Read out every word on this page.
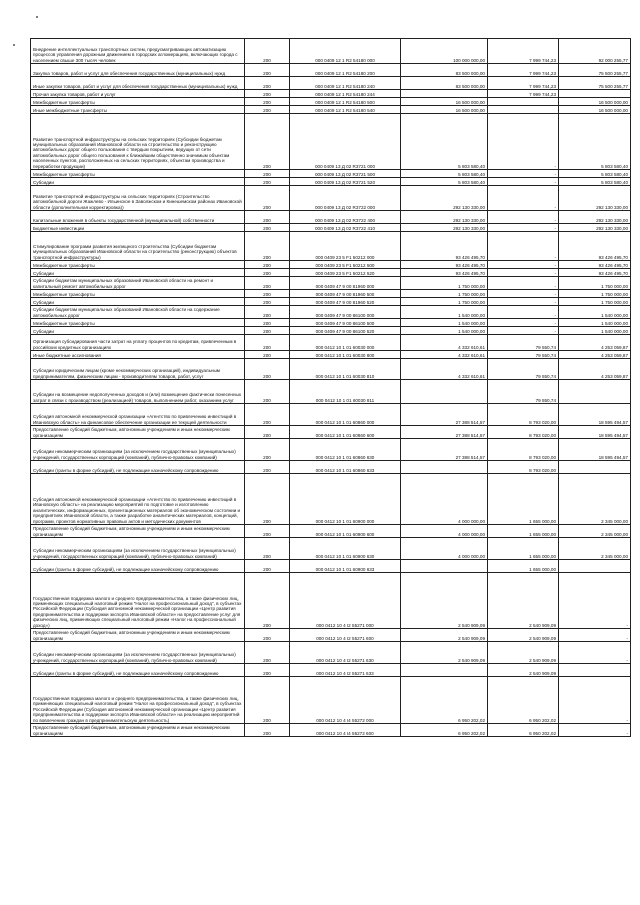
Внедрение интеллектуальных транспортных систем, предусматривающих автоматизацию процессов управления дорожным движением в городских агломерациях, включающих города с населением свыше 300 тысяч человек	200	000 0409 12 1 R2 54180 000	100 000 000,00	7 999 744,23	92 000 255,77
Закупка товаров, работ и услуг для обеспечения государственных (муниципальных) нужд	200	000 0409 12 1 R2 54180 200	83 500 000,00	7 999 744,23	75 500 255,77
Иные закупки товаров, работ и услуг для обеспечения государственных (муниципальных) нужд	200	000 0409 12 1 R2 54180 240	83 500 000,00	7 999 744,23	75 500 255,77
Прочая закупка товаров, работ и услуг	200	000 0409 12 1 R2 54180 244		7 999 744,23	
Межбюджетные трансферты	200	000 0409 12 1 R2 54180 500	16 500 000,00		16 500 000,00
Иные межбюджетные трансферты	200	000 0409 12 1 R2 54180 540	16 500 000,00		16 500 000,00
Развитие транспортной инфраструктуры на сельских территориях (Субсидии бюджетам муниципальных образований Ивановской области на строительство и реконструкцию автомобильных дорог общего пользования с твердым покрытием, ведущих от сети автомобильных дорог общего пользования к ближайшим общественно значимым объектам населенных пунктов, расположенных на сельских территориях, объектам производства и переработки продукции)	200	000 0409 13 Д 02 R3721 000	5 803 580,40	-	5 803 580,40
Межбюджетные трансферты	200	000 0409 13 Д 02 R3721 500	5 803 580,40	-	5 803 580,40
Субсидии	200	000 0409 13 Д 02 R3721 520	5 803 580,40	-	5 803 580,40
Развитие транспортной инфраструктуры на сельских территориях (Строительство автомобильной дороги Жажлево - Ильинское в Заволжском и Кинешемском районах Ивановской области (дополнительная корректировка))	200	000 0409 13 Д 02 R3722 000	292 130 330,00	-	292 130 330,00
Капитальные вложения в объекты государственной (муниципальной) собственности	200	000 0409 13 Д 02 R3722 400	292 130 330,00	-	292 130 330,00
Бюджетные инвестиции	200	000 0409 13 Д 02 R3722 410	292 130 330,00	-	292 130 330,00
Стимулирование программ развития жилищного строительства (Субсидии бюджетам муниципальных образований Ивановской области на строительство (реконструкцию) объектов транспортной инфраструктуры)	200	000 0409 23 5 F1 50212 000	93 426 495,70	-	93 426 495,70
Межбюджетные трансферты	200	000 0409 23 5 F1 50212 500	93 426 495,70	-	93 426 495,70
Субсидии	200	000 0409 23 5 F1 50212 520	93 426 495,70	-	93 426 495,70
Субсидии бюджетам муниципальных образований Ивановской области на ремонт и капитальный ремонт автомобильных дорог	200	000 0409 47 9 00 81960 000	1 750 000,00	-	1 750 000,00
Межбюджетные трансферты	200	000 0409 47 9 00 81960 500	1 750 000,00	-	1 750 000,00
Субсидии	200	000 0409 47 9 00 81960 520	1 750 000,00	-	1 750 000,00
Субсидии бюджетам муниципальных образований Ивановской области на содержание автомобильных дорог	200	000 0409 47 9 00 86100 000	1 540 000,00	-	1 540 000,00
Межбюджетные трансферты	200	000 0409 47 9 00 86100 500	1 540 000,00	-	1 540 000,00
Субсидии	200	000 0409 47 9 00 86100 520	1 540 000,00	-	1 540 000,00
Организация субсидирования части затрат на уплату процентов по кредитам, привлеченным в российских кредитных организациях	200	000 0412 10 1 01 60030 000	4 332 610,61	79 550,74	4 253 059,87
Иные бюджетные ассигнования	200	000 0412 10 1 01 60030 800	4 332 610,61	79 550,74	4 253 059,87
Субсидии юридическим лицам (кроме некоммерческих организаций), индивидуальным предпринимателям, физическим лицам - производителям товаров, работ, услуг	200	000 0412 10 1 01 60030 810	4 332 610,61	79 550,74	4 253 059,87
Субсидии на возмещение недополученных доходов и (или) возмещение фактически понесенных затрат в связи с производством (реализацией) товаров, выполнением работ, оказанием услуг	200	000 0412 10 1 01 60030 811		79 550,74	
Субсидия автономной некоммерческой организации «Агентство по привлечению инвестиций в Ивановскую область» на финансовое обеспечение организации ее текущей деятельности	200	000 0412 10 1 01 60860 000	27 388 514,57	8 793 020,00	18 595 494,57
Предоставление субсидий бюджетным, автономным учреждениям и иным некоммерческим организациям	200	000 0412 10 1 01 60860 600	27 388 514,57	8 793 020,00	18 595 494,57
Субсидии некоммерческим организациям (за исключением государственных (муниципальных) учреждений, государственных корпораций (компаний), публично-правовых компаний)	200	000 0412 10 1 01 60860 630	27 388 514,57	8 793 020,00	18 595 494,57
Субсидии (гранты в форме субсидий), не подлежащие казначейскому сопровождению	200	000 0412 10 1 01 60860 633		8 793 020,00	
Субсидия автономной некоммерческой организации «Агентство по привлечению инвестиций в Ивановскую область» на реализацию мероприятий по подготовке и изготовлению аналитических, информационных, презентационных материалов об экономическом состоянии и предприятиях Ивановской области, а также разработке аналитических материалов, концепций, программ, проектов нормативных правовых актов и методических документов	200	000 0412 10 1 01 60900 000	4 000 000,00	1 655 000,00	2 345 000,00
Предоставление субсидий бюджетным, автономным учреждениям и иным некоммерческим организациям	200	000 0412 10 1 01 60900 600	4 000 000,00	1 655 000,00	2 345 000,00
Субсидии некоммерческим организациям (за исключением государственных (муниципальных) учреждений, государственных корпораций (компаний), публично-правовых компаний)	200	000 0412 10 1 01 60900 630	4 000 000,00	1 655 000,00	2 345 000,00
Субсидии (гранты в форме субсидий), не подлежащие казначейскому сопровождению	200	000 0412 10 1 01 60900 633		1 655 000,00	
Государственная поддержка малого и среднего предпринимательства, а также физических лиц, применяющих специальный налоговый режим "Налог на профессиональный доход", в субъектах Российской Федерации (Субсидия автономной некоммерческой организации «Центр развития предпринимательства и поддержки экспорта Ивановской области» на предоставление услуг для физических лиц, применяющих специальный налоговый режим «Налог на профессиональный доход»)	200	000 0412 10 4 I2 55271 000	2 540 909,09	2 540 909,09	-
Предоставление субсидий бюджетным, автономным учреждениям и иным некоммерческим организациям	200	000 0412 10 4 I2 55271 600	2 540 909,09	2 540 909,09	-
Субсидии некоммерческим организациям (за исключением государственных (муниципальных) учреждений, государственных корпораций (компаний), публично-правовых компаний)	200	000 0412 10 4 I2 55271 630	2 540 909,09	2 540 909,09	-
Субсидии (гранты в форме субсидий), не подлежащие казначейскому сопровождению	200	000 0412 10 4 I2 55271 633		2 540 909,09	
Государственная поддержка малого и среднего предпринимательства, а также физических лиц, применяющих специальный налоговый режим "Налог на профессиональный доход", в субъектах Российской Федерации (Субсидия автономной некоммерческой организации «Центр развития предпринимательства и поддержки экспорта Ивановской области» на реализацию мероприятий по вовлечению граждан в предпринимательскую деятельность)	200	000 0412 10 4 I4 55272 000	6 950 202,02	6 950 202,02	-
Предоставление субсидий бюджетным, автономным учреждениям и иным некоммерческим организациям	200	000 0412 10 4 I4 55272 600	6 950 202,02	6 950 202,02	-
